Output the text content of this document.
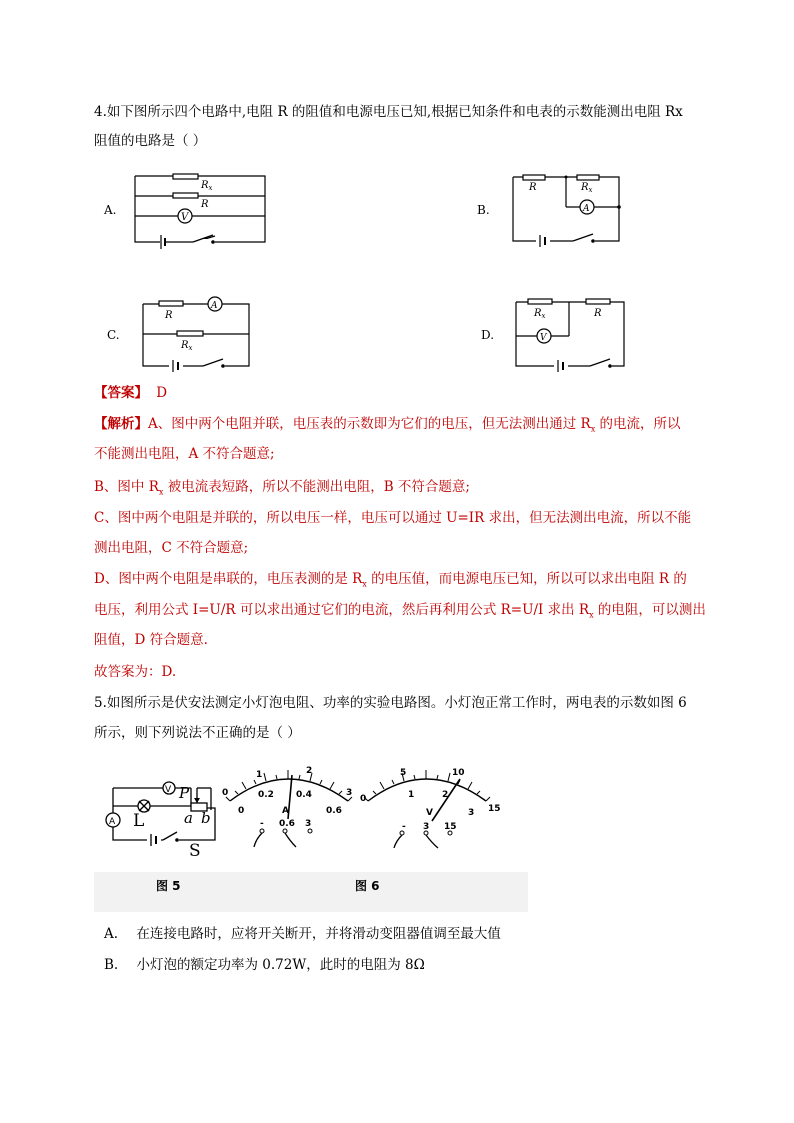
4.如下图所示四个电路中,电阻 R 的阻值和电源电压已知,根据已知条件和电表的示数能测出电阻 Rx
阻值的电路是（ ）
A.
V
$R_x$
R	B.	A
R	$R_x$
C.
A
R
$R_x$
D.	V
$R_x$	R
【答案】 D
【解析】A、图中两个电阻并联，电压表的示数即为它们的电压，但无法测出通过 $R_x$ 的电流，所以
不能测出电阻，A 不符合题意;
B、图中 $R_x$ 被电流表短路，所以不能测出电阻，B 不符合题意;
C、图中两个电阻是并联的，所以电压一样，电压可以通过 U=IR 求出，但无法测出电流，所以不能
测出电阻，C 不符合题意;
D、图中两个电阻是串联的，电压表测的是 $R_x$ 的电压值，而电源电压已知，所以可以求出电阻 R 的
电压，利用公式 I=U/R 可以求出通过它们的电流，然后再利用公式 R=U/I 求出 $R_x$ 的电阻，可以测出
阻值，D 符合题意.
故答案为：D.
5.如图所示是伏安法测定小灯泡电阻、功率的实验电路图。小灯泡正常工作时，两电表的示数如图 6
所示，则下列说法不正确的是（ ）
V
A
P
L	a b
S
0
1	2
3
0
0.2 0.4
0.6
A
- 0.6 3
0
5	10
15
1	2
3
V
- 3 15
图 5	图 6
A. 在连接电路时，应将开关断开，并将滑动变阻器值调至最大值
B. 小灯泡的额定功率为 0.72W，此时的电阻为 8Ω
